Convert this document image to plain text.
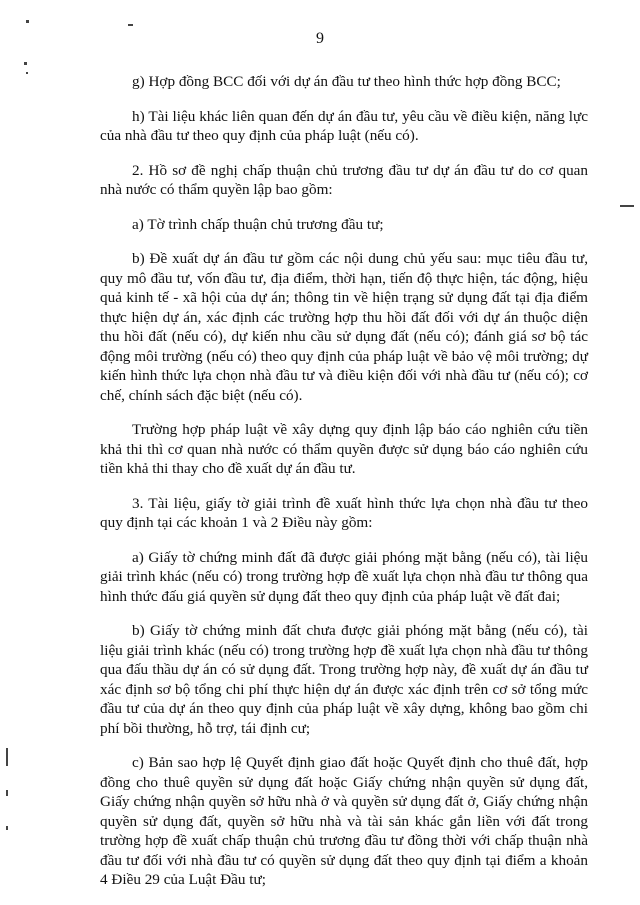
9

g) Hợp đồng BCC đối với dự án đầu tư theo hình thức hợp đồng BCC;

h) Tài liệu khác liên quan đến dự án đầu tư, yêu cầu về điều kiện, năng lực của nhà đầu tư theo quy định của pháp luật (nếu có).

2. Hồ sơ đề nghị chấp thuận chủ trương đầu tư dự án đầu tư do cơ quan nhà nước có thẩm quyền lập bao gồm:

a) Tờ trình chấp thuận chủ trương đầu tư;

b) Đề xuất dự án đầu tư gồm các nội dung chủ yếu sau: mục tiêu đầu tư, quy mô đầu tư, vốn đầu tư, địa điểm, thời hạn, tiến độ thực hiện, tác động, hiệu quả kinh tế - xã hội của dự án; thông tin về hiện trạng sử dụng đất tại địa điểm thực hiện dự án, xác định các trường hợp thu hồi đất đối với dự án thuộc diện thu hồi đất (nếu có), dự kiến nhu cầu sử dụng đất (nếu có); đánh giá sơ bộ tác động môi trường (nếu có) theo quy định của pháp luật về bảo vệ môi trường; dự kiến hình thức lựa chọn nhà đầu tư và điều kiện đối với nhà đầu tư (nếu có); cơ chế, chính sách đặc biệt (nếu có).

Trường hợp pháp luật về xây dựng quy định lập báo cáo nghiên cứu tiền khả thi thì cơ quan nhà nước có thẩm quyền được sử dụng báo cáo nghiên cứu tiền khả thi thay cho đề xuất dự án đầu tư.

3. Tài liệu, giấy tờ giải trình đề xuất hình thức lựa chọn nhà đầu tư theo quy định tại các khoản 1 và 2 Điều này gồm:

a) Giấy tờ chứng minh đất đã được giải phóng mặt bằng (nếu có), tài liệu giải trình khác (nếu có) trong trường hợp đề xuất lựa chọn nhà đầu tư thông qua hình thức đấu giá quyền sử dụng đất theo quy định của pháp luật về đất đai;

b) Giấy tờ chứng minh đất chưa được giải phóng mặt bằng (nếu có), tài liệu giải trình khác (nếu có) trong trường hợp đề xuất lựa chọn nhà đầu tư thông qua đấu thầu dự án có sử dụng đất. Trong trường hợp này, đề xuất dự án đầu tư xác định sơ bộ tổng chi phí thực hiện dự án được xác định trên cơ sở tổng mức đầu tư của dự án theo quy định của pháp luật về xây dựng, không bao gồm chi phí bồi thường, hỗ trợ, tái định cư;

c) Bản sao hợp lệ Quyết định giao đất hoặc Quyết định cho thuê đất, hợp đồng cho thuê quyền sử dụng đất hoặc Giấy chứng nhận quyền sử dụng đất, Giấy chứng nhận quyền sở hữu nhà ở và quyền sử dụng đất ở, Giấy chứng nhận quyền sử dụng đất, quyền sở hữu nhà và tài sản khác gắn liền với đất trong trường hợp đề xuất chấp thuận chủ trương đầu tư đồng thời với chấp thuận nhà đầu tư đối với nhà đầu tư có quyền sử dụng đất theo quy định tại điểm a khoản 4 Điều 29 của Luật Đầu tư;
